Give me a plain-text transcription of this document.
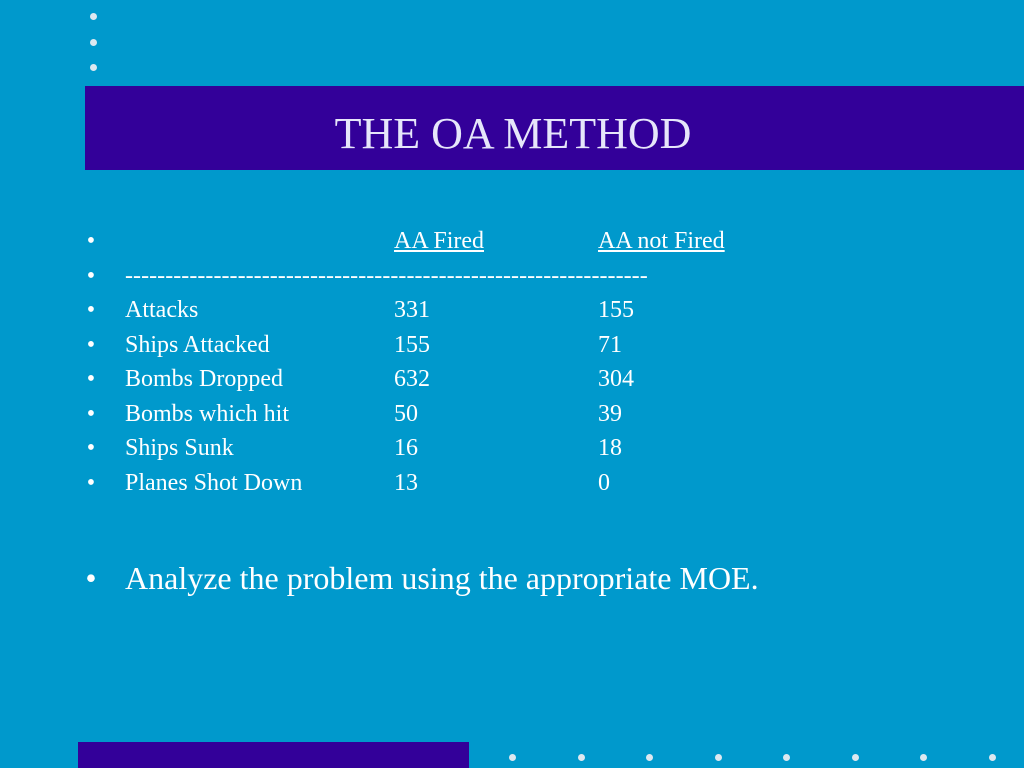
THE OA METHOD
•	AA Fired	AA not Fired
• -----------------------------------------------------------------
• Attacks	331	155
• Ships Attacked	155	71
• Bombs Dropped	632	304
• Bombs which hit	50	39
• Ships Sunk	16	18
• Planes Shot Down	13	0
• Analyze the problem using the appropriate MOE.
